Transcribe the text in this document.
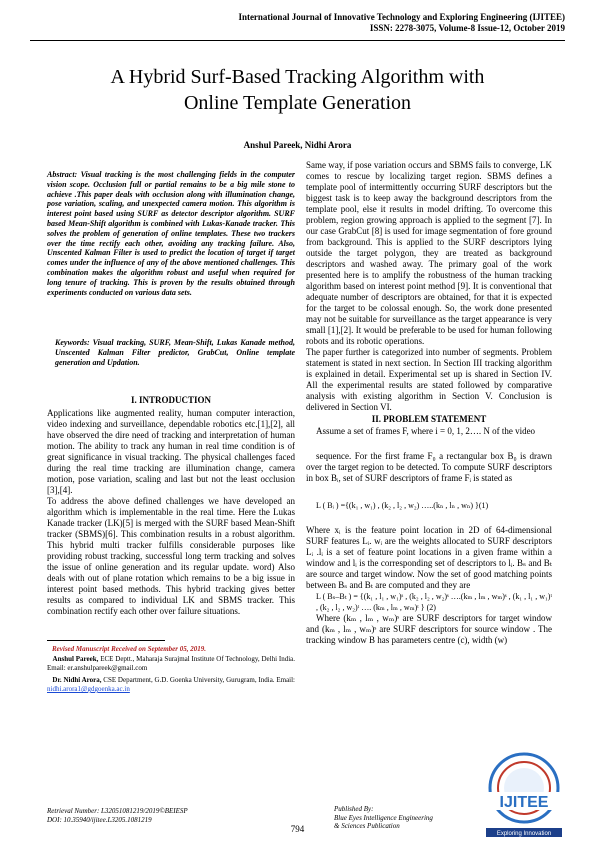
International Journal of Innovative Technology and Exploring Engineering (IJITEE)
ISSN: 2278-3075, Volume-8 Issue-12, October 2019
A Hybrid Surf-Based Tracking Algorithm with
Online Template Generation
Anshul Pareek, Nidhi Arora
Abstract: Visual tracking is the most challenging fields in the computer vision scope. Occlusion full or partial remains to be a big mile stone to achieve .This paper deals with occlusion along with illumination change, pose variation, scaling, and unexpected camera motion. This algorithm is interest point based using SURF as detector descriptor algorithm. SURF based Mean-Shift algorithm is combined with Lukas-Kanade tracker. This solves the problem of generation of online templates. These two trackers over the time rectify each other, avoiding any tracking failure. Also, Unscented Kalman Filter is used to predict the location of target if target comes under the influence of any of the above mentioned challenges. This combination makes the algorithm robust and useful when required for long tenure of tracking. This is proven by the results obtained through experiments conducted on various data sets.
Keywords: Visual tracking, SURF, Mean-Shift, Lukas Kanade method, Unscented Kalman Filter predictor, GrabCut, Online template generation and Updation.
I. INTRODUCTION

Applications like augmented reality, human computer interaction, video indexing and surveillance, dependable robotics etc.[1],[2], all have observed the dire need of tracking and interpretation of human motion. The ability to track any human in real time condition is of great significance in visual tracking. The physical challenges faced during the real time tracking are illumination change, camera motion, pose variation, scaling and last but not the least occlusion [3],[4].

To address the above defined challenges we have developed an algorithm which is implementable in the real time. Here the Lukas Kanade tracker (LK)[5] is merged with the SURF based Mean-Shift tracker (SBMS)[6]. This combination results in a robust algorithm. This hybrid multi tracker fulfills considerable purposes like providing robust tracking, successful long term tracking and solves the issue of online generation and its regular update. word) Also deals with out of plane rotation which remains to be a big issue in interest point based methods. This hybrid tracking gives better results as compared to individual LK and SBMS tracker. This combination rectify each other over failure situations.

Revised Manuscript Received on September 05, 2019.
Anshul Pareek, ECE Deptt., Maharaja Surajmal Institute Of Technology, Delhi India. Email: er.anshulpareek@gmail.com
Dr. Nidhi Arora, CSE Department, G.D. Goenka University, Gurugram, India. Email: nidhi.arora1@gdgoenka.ac.in

Same way, if pose variation occurs and SBMS fails to converge, LK comes to rescue by localizing target region. SBMS defines a template pool of intermittently occurring SURF descriptors but the biggest task is to keep away the background descriptors from the template pool, else it results in model drifting. To overcome this problem, region growing approach is applied to the segment [7]. In our case GrabCut [8] is used for image segmentation of fore ground from background. This is applied to the SURF descriptors lying outside the target polygon, they are treated as background descriptors and washed away. The primary goal of the work presented here is to amplify the robustness of the human tracking algorithm based on interest point method [9]. It is conventional that adequate number of descriptors are obtained, for that it is expected for the target to be colossal enough. So, the work done presented may not be suitable for surveillance as the target appearance is very small [1],[2]. It would be preferable to be used for human following robots and its robotic operations.

The paper further is categorized into number of segments. Problem statement is stated in next section. In Section III tracking algorithm is explained in detail. Experimental set up is shared in Section IV. All the experimental results are stated followed by comparative analysis with existing algorithm in Section V. Conclusion is delivered in Section VI.

II. PROBLEM STATEMENT

Assume a set of frames F, where i = 0, 1, 2…. N of the video

sequence. For the first frame F₀ a rectangular box B₀ is drawn over the target region to be detected. To compute SURF descriptors in box Bᵢ, set of SURF descriptors of frame Fᵢ is stated as

L ( Bᵢ ) ={(k₁ , w₁) , (k₂ , l₂ , w₂) …..(kₙ , lₙ , wₙ) }(1)

Where xᵢ is the feature point location in 2D of 64-dimensional SURF features Lᵢ. wᵢ are the weights allocated to SURF descriptors Lᵢ .lᵢ is a set of feature point locations in a given frame within a window and lᵢ is the corresponding set of descriptors to lᵢ. Bₛ and Bₜ are source and target window. Now the set of good matching points between Bₛ and Bₜ are computed and they are

L ( Bₛ–Bₜ ) = {(k₁ , l₁ , w₁)ˢ , (k₂ , l₂ , w₂)ˢ ….(kₘ , lₘ , wₘ)ˢ , (k₁ , l₁ , w₁)ᵗ , (k₂ , l₂ , w₂)ᵗ …. (kₘ , lₘ , wₘ)ᵗ } (2)

Where (kₘ , lₘ , wₘ)ˢ are SURF descriptors for target window and (kₘ , lₘ , wₘ)ˢ are SURF descriptors for source window . The tracking window B has parameters centre (c), width (w)

Retrieval Number: L32051081219/2019©BEIESP
DOI: 10.35940/ijitee.L3205.1081219
Published By:
Blue Eyes Intelligence Engineering
& Sciences Publication
794
IJITEE
Exploring Innovation
